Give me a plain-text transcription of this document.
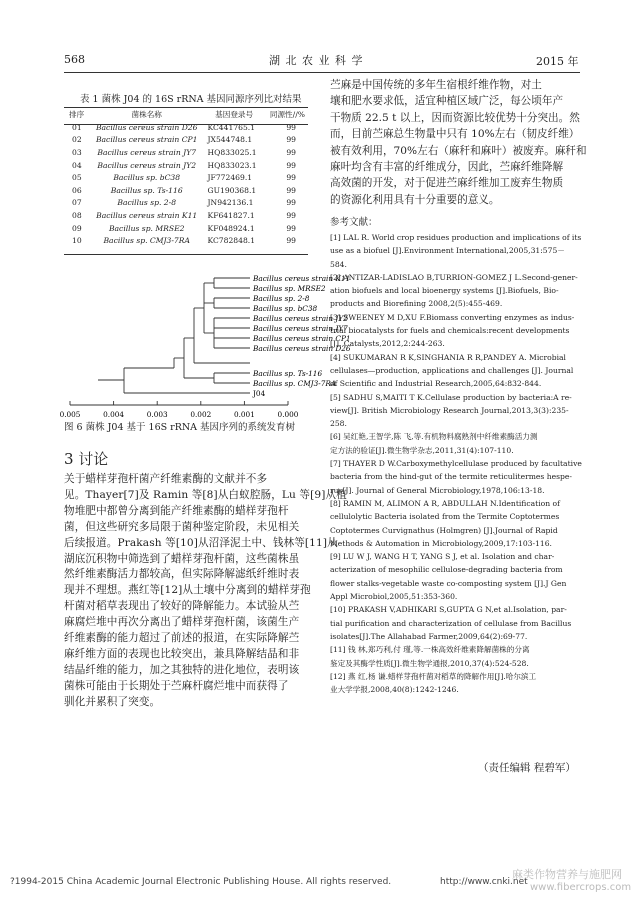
568	湖 北 农 业 科 学	2015 年
表 1 菌株 J04 的 16S rRNA 基因同源序列比对结果
排序	菌株名称	基因登录号	同源性//%
01	Bacillus cereus strain D26	KC441765.1	99
02	Bacillus cereus strain CP1	JX544748.1	99
03	Bacillus cereus strain JY7	HQ833025.1	99
04	Bacillus cereus strain JY2	HQ833023.1	99
05	Bacillus sp. bC38	JF772469.1	99
06	Bacillus sp. Ts-116	GU190368.1	99
07	Bacillus sp. 2-8	JN942136.1	99
08	Bacillus cereus strain K11	KF641827.1	99
09	Bacillus sp. MRSE2	KF048924.1	99
10	Bacillus sp. CMJ3-7RA	KC782848.1	99
Bacillus cereus strain K11
Bacillus sp. MRSE2
Bacillus sp. 2-8
Bacillus sp. bC38
Bacillus cereus strain JY2
Bacillus cereus strain JY7
Bacillus cereus strain CP1
Bacillus cereus strain D26
Bacillus sp. Ts-116
Bacillus sp. CMJ3-7RA
J04
0.005	0.004	0.003	0.002	0.001	0.000
图 6 菌株 J04 基于 16S rRNA 基因序列的系统发育树
3 讨论
关于蜡样芽孢杆菌产纤维素酶的文献并不多
见。Thayer[7]及 Ramin 等[8]从白蚁腔肠，Lu 等[9]从植
物堆肥中都曾分离到能产纤维素酶的蜡样芽孢杆
菌，但这些研究多局限于菌种鉴定阶段，未见相关
后续报道。Prakash 等[10]从沼泽泥土中、钱林等[11]从
湖底沉积物中筛选到了蜡样芽孢杆菌，这些菌株虽
然纤维素酶活力都较高，但实际降解滤纸纤维时表
现并不理想。燕红等[12]从土壤中分离到的蜡样芽孢
杆菌对稻草表现出了较好的降解能力。本试验从苎
麻腐烂堆中再次分离出了蜡样芽孢杆菌，该菌生产
纤维素酶的能力超过了前述的报道，在实际降解苎
麻纤维方面的表现也比较突出，兼具降解结晶和非
结晶纤维的能力，加之其独特的进化地位，表明该
菌株可能由于长期处于苎麻杆腐烂堆中而获得了
驯化并累积了突变。
苎麻是中国传统的多年生宿根纤维作物，对土
壤和肥水要求低，适宜种植区域广泛，每公顷年产
干物质 22.5 t 以上，因而资源比较优势十分突出。然
而，目前苎麻总生物量中只有 10%左右（韧皮纤维）
被有效利用，70%左右（麻秆和麻叶）被废弃。麻秆和
麻叶均含有丰富的纤维成分，因此，苎麻纤维降解
高效菌的开发，对于促进苎麻纤维加工废弃生物质
的资源化利用具有十分重要的意义。
参考文献：
[1] LAL R. World crop residues production and implications of its
use as a biofuel [J].Environment International,2005,31:575－
584.
[2] ANTIZAR-LADISLAO B,TURRION-GOMEZ J L.Second-gener-
ation biofuels and local bioenergy systems [J].Biofuels, Bio-
products and Biorefining 2008,2(5):455-469.
[3] SWEENEY M D,XU F.Biomass converting enzymes as indus-
trial biocatalysts for fuels and chemicals:recent developments
[J]. Catalysts,2012,2:244-263.
[4] SUKUMARAN R K,SINGHANIA R R,PANDEY A. Microbial
cellulases—production, applications and challenges [J]. Journal
of Scientific and Industrial Research,2005,64:832-844.
[5] SADHU S,MAITI T K.Cellulase production by bacteria:A re-
view[J]. British Microbiology Research Journal,2013,3(3):235-
258.
[6] 吴红艳,王智学,陈 飞,等.有机物料腐熟剂中纤维素酶活力测
定方法的验证[J].微生物学杂志,2011,31(4):107-110.
[7] THAYER D W.Carboxymethylcellulase produced by facultative
bacteria from the hind-gut of the termite reticulitermes hespe-
rus[J]. Journal of General Microbiology,1978,106:13-18.
[8] RAMIN M, ALIMON A R, ABDULLAH N.Identification of
cellulolytic Bacteria isolated from the Termite Coptotermes
Coptotermes Curvignathus (Holmgren) [J].Journal of Rapid
Methods & Automation in Microbiology,2009,17:103-116.
[9] LU W J, WANG H T, YANG S J, et al. Isolation and char-
acterization of mesophilic cellulose-degrading bacteria from
flower stalks-vegetable waste co-composting system [J].J Gen
Appl Microbiol,2005,51:353-360.
[10] PRAKASH V,ADHIKARI S,GUPTA G N,et al.Isolation, par-
tial purification and characterization of cellulase from Bacillus
isolates[J].The Allahabad Farmer,2009,64(2):69-77.
[11] 钱 林,郑巧利,付 瑾,等.一株高效纤维素降解菌株的分离
鉴定及其酶学性质[J].微生物学通报,2010,37(4):524-528.
[12] 燕 红,杨 谦.蜡样芽孢杆菌对稻草的降解作用[J].哈尔滨工
业大学学报,2008,40(8):1242-1246.
（责任编辑 程碧军）
?1994-2015 China Academic Journal Electronic Publishing House. All rights reserved.	http://www.cnki.net
麻类作物营养与施肥网
www.fibercrops.com
